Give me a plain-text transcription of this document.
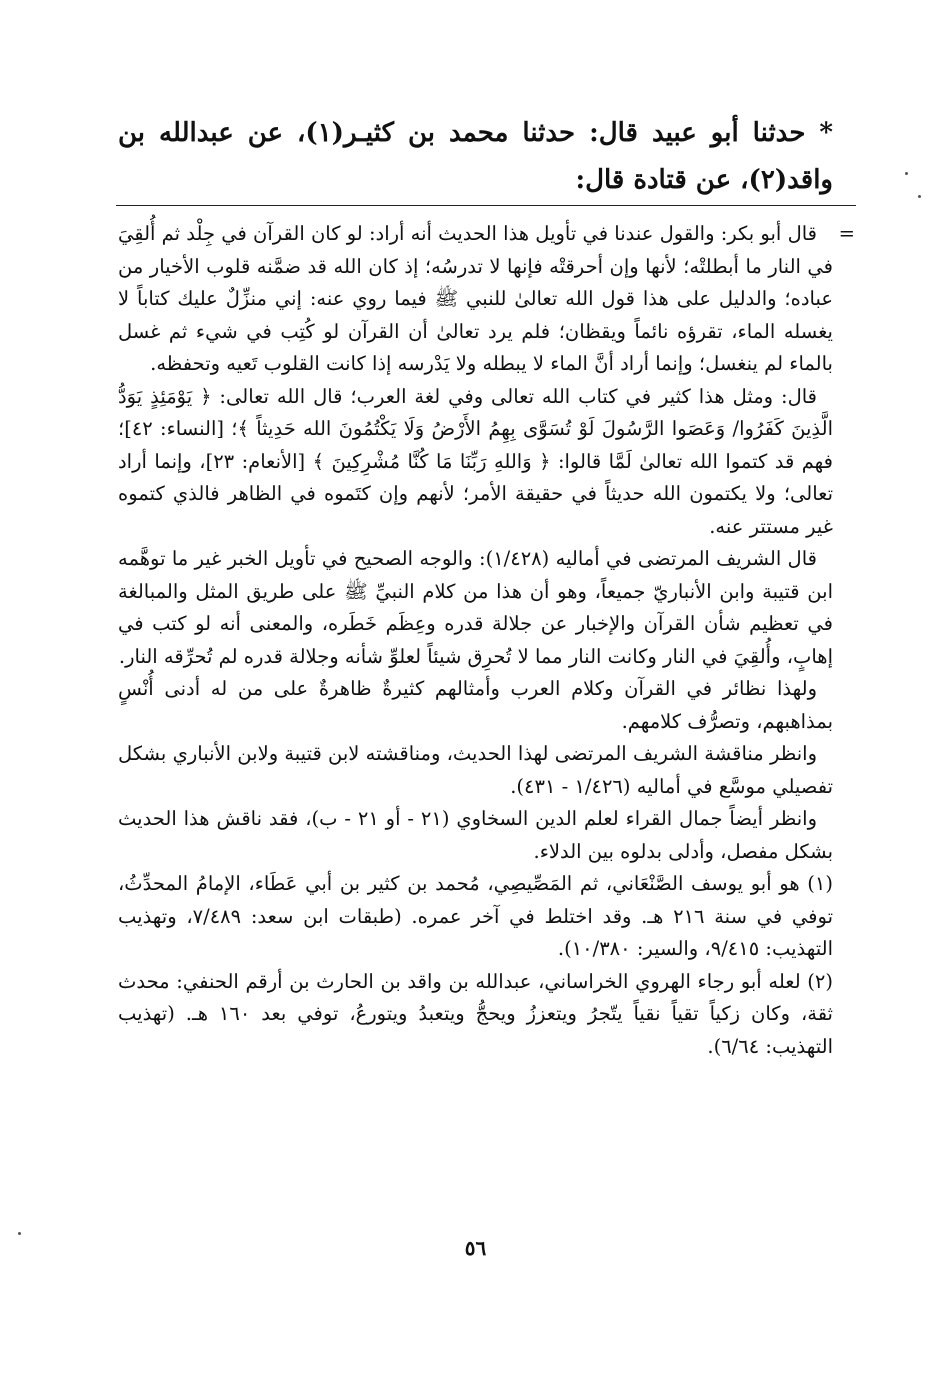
* حدثنا أبو عبيد قال: حدثنا محمد بن كثيـر(١)، عن عبدالله بن واقد(٢)، عن قتادة قال:
=

قال أبو بكر: والقول عندنا في تأويل هذا الحديث أنه أراد: لو كان القرآن في جِلْد ثم أُلقِيَ في النار ما أبطلتْه؛ لأنها وإن أحرقتْه فإنها لا تدرسُه؛ إذ كان الله قد ضمَّنه قلوب الأخيار من عباده؛ والدليل على هذا قول الله تعالىٰ للنبي ﷺ فيما روي عنه: إني منزِّلٌ عليك كتاباً لا يغسله الماء، تقرؤه نائماً ويقظان؛ فلم يرد تعالىٰ أن القرآن لو كُتِب في شيء ثم غسل بالماء لم ينغسل؛ وإنما أراد أنَّ الماء لا يبطله ولا يَدْرسه إذا كانت القلوب تَعيه وتحفظه.

قال: ومثل هذا كثير في كتاب الله تعالى وفي لغة العرب؛ قال الله تعالى: ﴿ يَوْمَئِذٍ يَوَدُّ الَّذِينَ كَفَرُوا/ وَعَصَوا الرَّسُولَ لَوْ تُسَوَّى بِهِمُ الأَرْضُ وَلَا يَكْتُمُونَ الله حَدِيثاً ﴾؛ [النساء: ٤٢]؛ فهم قد كتموا الله تعالىٰ لَمَّا قالوا: ﴿ وَاللهِ رَبِّنَا مَا كُنَّا مُشْرِكِينَ ﴾ [الأنعام: ٢٣]، وإنما أراد تعالى؛ ولا يكتمون الله حديثاً في حقيقة الأمر؛ لأنهم وإن كتَموه في الظاهر فالذي كتموه غير مستتر عنه.

قال الشريف المرتضى في أماليه (١/٤٢٨): والوجه الصحيح في تأويل الخبر غير ما توهَّمه ابن قتيبة وابن الأنباريّ جميعاً، وهو أن هذا من كلام النبيِّ ﷺ على طريق المثل والمبالغة في تعظيم شأن القرآن والإخبار عن جلالة قدره وعِظَم خَطَره، والمعنى أنه لو كتب في إهابٍ، وأُلقِيَ في النار وكانت النار مما لا تُحرِق شيئاً لعلوِّ شأنه وجلالة قدره لم تُحرِّقه النار.

ولهذا نظائر في القرآن وكلام العرب وأمثالهم كثيرةٌ ظاهرةٌ على من له أدنى أُنْسٍ بمذاهبهم، وتصرُّف كلامهم.

وانظر مناقشة الشريف المرتضى لهذا الحديث، ومناقشته لابن قتيبة ولابن الأنباري بشكل تفصيلي موسَّع في أماليه (١/٤٢٦ - ٤٣١).

وانظر أيضاً جمال القراء لعلم الدين السخاوي (٢١ - أو ٢١ - ب)، فقد ناقش هذا الحديث بشكل مفصل، وأدلى بدلوه بين الدلاء.

(١) هو أبو يوسف الصَّنْعَاني، ثم المَصِّيصِي، مُحمد بن كثير بن أبي عَطَاء، الإمامُ المحدِّثُ، توفي في سنة ٢١٦ هـ. وقد اختلط في آخر عمره. (طبقات ابن سعد: ٧/٤٨٩، وتهذيب التهذيب: ٩/٤١٥، والسير: ١٠/٣٨٠).

(٢) لعله أبو رجاء الهروي الخراساني، عبدالله بن واقد بن الحارث بن أرقم الحنفي: محدث ثقة، وكان زكياً تقياً نقياً يتّجرُ ويتعززُ ويحجُّ ويتعبدُ ويتورعُ، توفي بعد ١٦٠ هـ. (تهذيب التهذيب: ٦/٦٤).

٥٦
